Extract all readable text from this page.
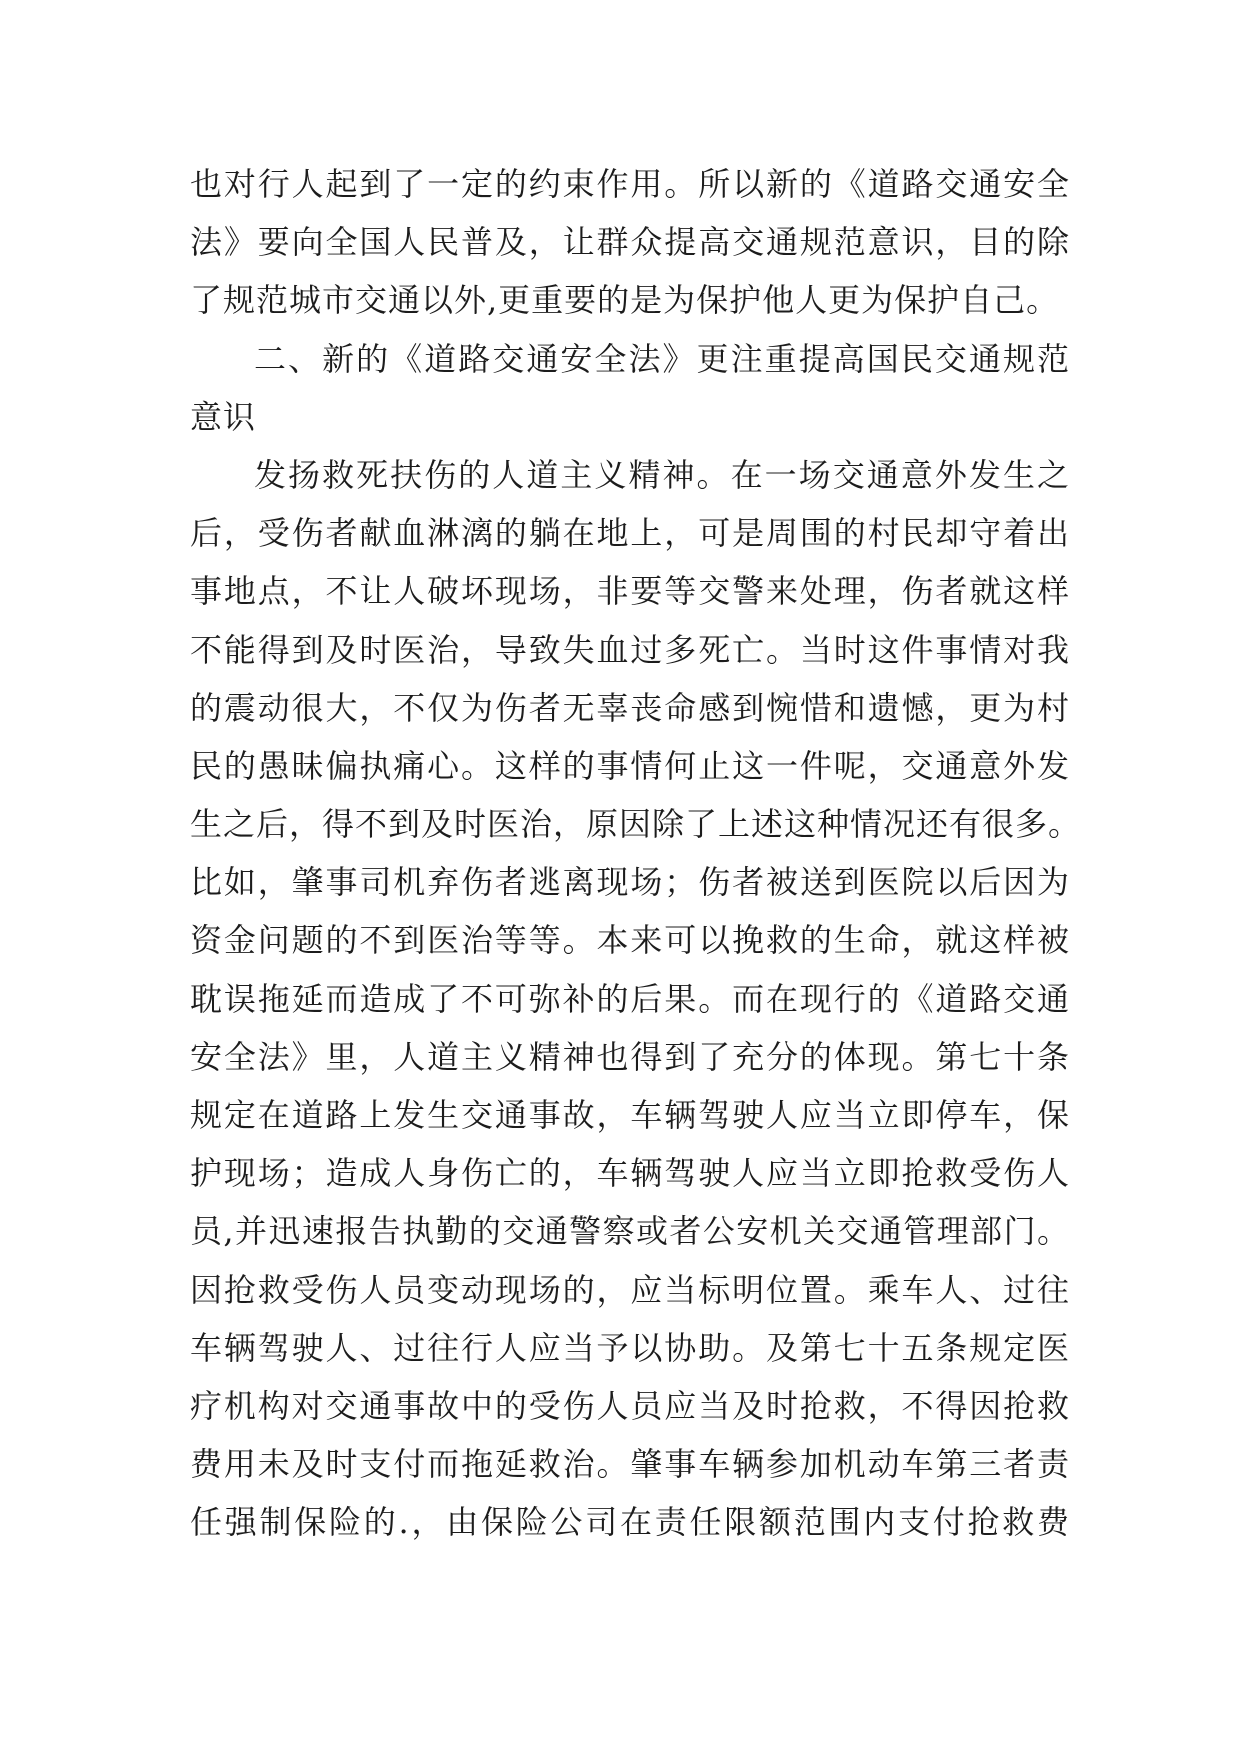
也对行人起到了一定的约束作用。所以新的《道路交通安全
法》要向全国人民普及，让群众提高交通规范意识，目的除
了规范城市交通以外,更重要的是为保护他人更为保护自己。
二、新的《道路交通安全法》更注重提高国民交通规范
意识
发扬救死扶伤的人道主义精神。在一场交通意外发生之
后，受伤者献血淋漓的躺在地上，可是周围的村民却守着出
事地点，不让人破坏现场，非要等交警来处理，伤者就这样
不能得到及时医治，导致失血过多死亡。当时这件事情对我
的震动很大，不仅为伤者无辜丧命感到惋惜和遗憾，更为村
民的愚昧偏执痛心。这样的事情何止这一件呢，交通意外发
生之后，得不到及时医治，原因除了上述这种情况还有很多。
比如，肇事司机弃伤者逃离现场；伤者被送到医院以后因为
资金问题的不到医治等等。本来可以挽救的生命，就这样被
耽误拖延而造成了不可弥补的后果。而在现行的《道路交通
安全法》里，人道主义精神也得到了充分的体现。第七十条
规定在道路上发生交通事故，车辆驾驶人应当立即停车，保
护现场；造成人身伤亡的，车辆驾驶人应当立即抢救受伤人
员,并迅速报告执勤的交通警察或者公安机关交通管理部门。
因抢救受伤人员变动现场的，应当标明位置。乘车人、过往
车辆驾驶人、过往行人应当予以协助。及第七十五条规定医
疗机构对交通事故中的受伤人员应当及时抢救，不得因抢救
费用未及时支付而拖延救治。肇事车辆参加机动车第三者责
任强制保险的.，由保险公司在责任限额范围内支付抢救费
